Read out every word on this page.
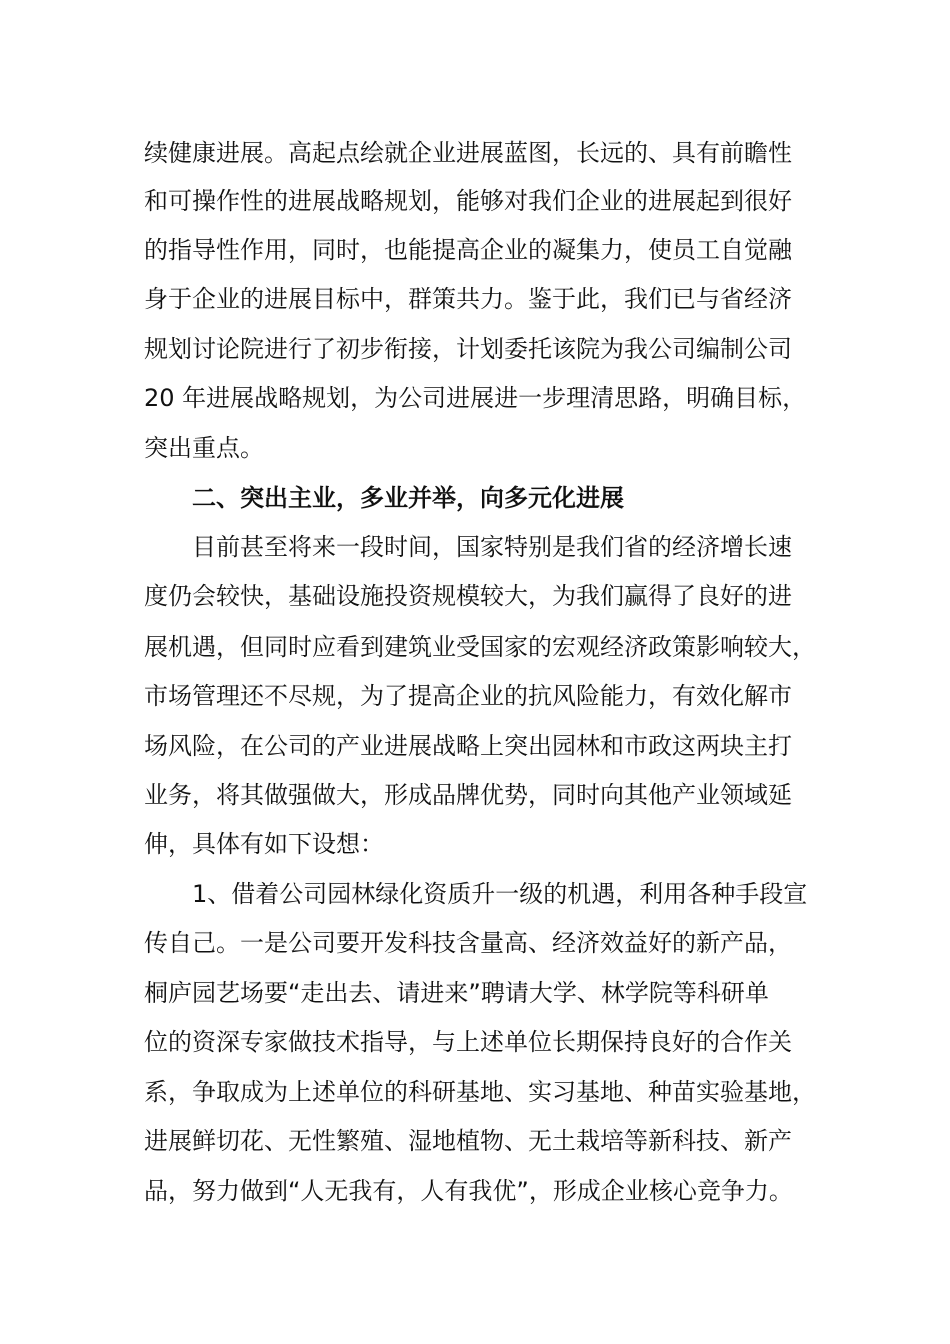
续健康进展。高起点绘就企业进展蓝图，长远的、具有前瞻性
和可操作性的进展战略规划，能够对我们企业的进展起到很好
的指导性作用，同时，也能提高企业的凝集力，使员工自觉融
身于企业的进展目标中，群策共力。鉴于此，我们已与省经济
规划讨论院进行了初步衔接，计划委托该院为我公司编制公司
20 年进展战略规划，为公司进展进一步理清思路，明确目标，
突出重点。
二、突出主业，多业并举，向多元化进展
目前甚至将来一段时间，国家特别是我们省的经济增长速
度仍会较快，基础设施投资规模较大，为我们赢得了良好的进
展机遇，但同时应看到建筑业受国家的宏观经济政策影响较大，
市场管理还不尽规，为了提高企业的抗风险能力，有效化解市
场风险，在公司的产业进展战略上突出园林和市政这两块主打
业务，将其做强做大，形成品牌优势，同时向其他产业领域延
伸，具体有如下设想：
1、借着公司园林绿化资质升一级的机遇，利用各种手段宣
传自己。一是公司要开发科技含量高、经济效益好的新产品，
桐庐园艺场要“走出去、请进来”聘请大学、林学院等科研单
位的资深专家做技术指导，与上述单位长期保持良好的合作关
系，争取成为上述单位的科研基地、实习基地、种苗实验基地，
进展鲜切花、无性繁殖、湿地植物、无土栽培等新科技、新产
品，努力做到“人无我有，人有我优”，形成企业核心竞争力。
